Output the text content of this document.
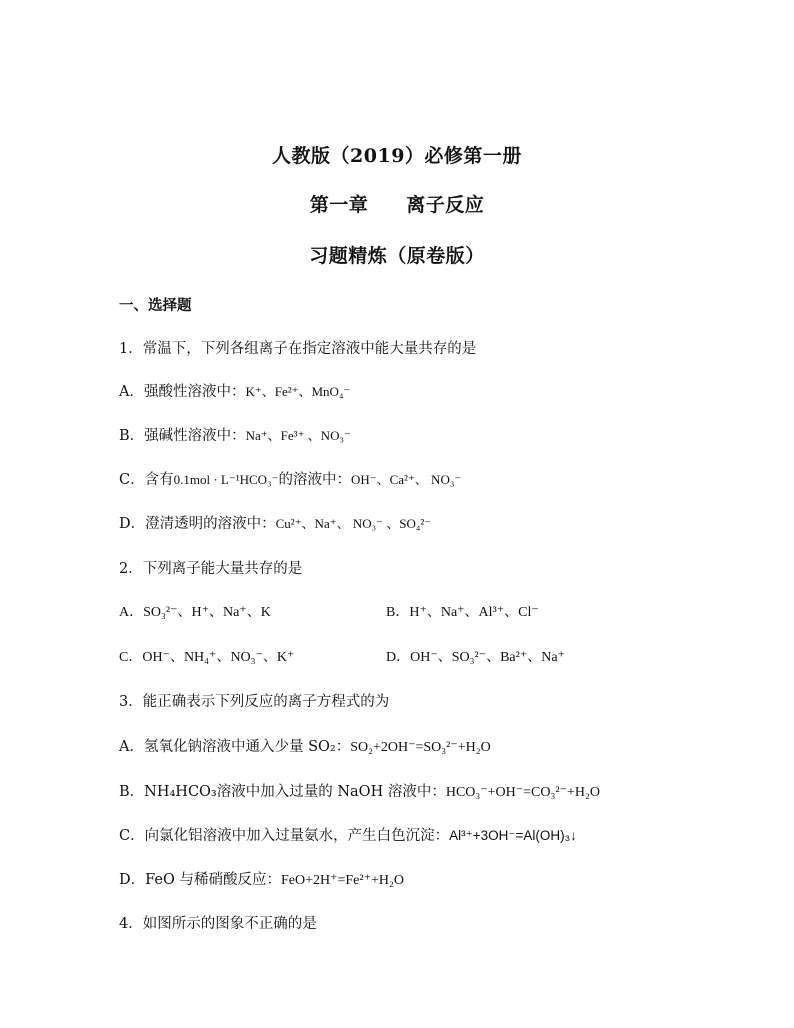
人教版（2019）必修第一册
第一章 离子反应
习题精炼（原卷版）
一、选择题
1．常温下，下列各组离子在指定溶液中能大量共存的是
A．强酸性溶液中：K⁺、Fe²⁺、MnO₄⁻
B．强碱性溶液中：Na⁺、Fe³⁺ 、NO₃⁻
C．含有0.1mol · L⁻¹HCO₃⁻的溶液中：OH⁻、Ca²⁺、 NO₃⁻
D．澄清透明的溶液中：Cu²⁺、Na⁺、 NO₃⁻ 、SO₄²⁻
2．下列离子能大量共存的是
A．SO₃²⁻、H⁺、Na⁺、K	B．H⁺、Na⁺、Al³⁺、Cl⁻
C．OH⁻、NH₄⁺、NO₃⁻、K⁺	D．OH⁻、SO₃²⁻、Ba²⁺、Na⁺
3．能正确表示下列反应的离子方程式的为
A．氢氧化钠溶液中通入少量 SO₂：SO₂+2OH⁻=SO₃²⁻+H₂O
B．NH₄HCO₃溶液中加入过量的 NaOH 溶液中：HCO₃⁻+OH⁻=CO₃²⁻+H₂O
C．向氯化铝溶液中加入过量氨水，产生白色沉淀：Al³⁺+3OH⁻=Al(OH)₃↓
D．FeO 与稀硝酸反应：FeO+2H⁺=Fe²⁺+H₂O
4．如图所示的图象不正确的是
